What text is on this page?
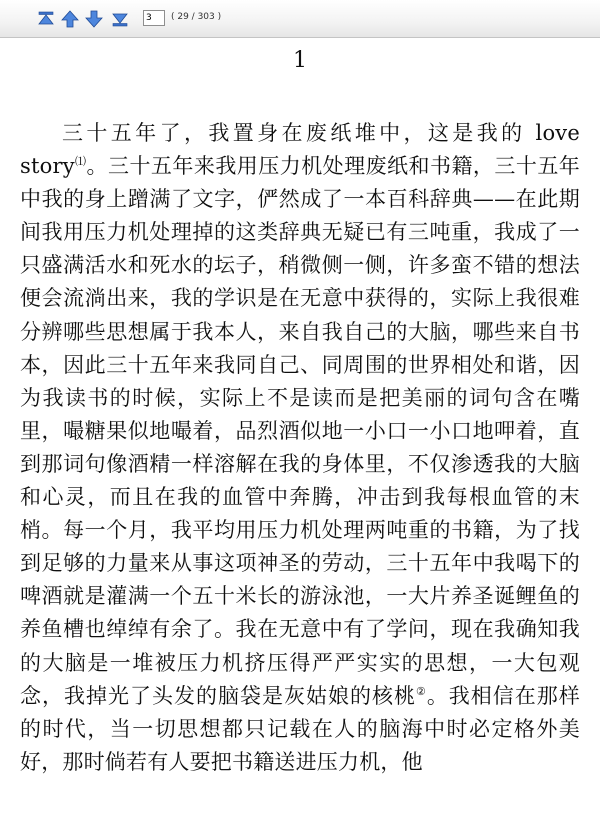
3
( 29 / 303 )
1

三十五年了，我置身在废纸堆中，这是我的 love story⑴。三十五年来我用压力机处理废纸和书籍，三十五年中我的身上蹭满了文字，俨然成了一本百科辞典——在此期间我用压力机处理掉的这类辞典无疑已有三吨重，我成了一只盛满活水和死水的坛子，稍微侧一侧，许多蛮不错的想法便会流淌出来，我的学识是在无意中获得的，实际上我很难分辨哪些思想属于我本人，来自我自己的大脑，哪些来自书本，因此三十五年来我同自己、同周围的世界相处和谐，因为我读书的时候，实际上不是读而是把美丽的词句含在嘴里，嘬糖果似地嘬着，品烈酒似地一小口一小口地呷着，直到那词句像酒精一样溶解在我的身体里，不仅渗透我的大脑和心灵，而且在我的血管中奔腾，冲击到我每根血管的末梢。每一个月，我平均用压力机处理两吨重的书籍，为了找到足够的力量来从事这项神圣的劳动，三十五年中我喝下的啤酒就是灌满一个五十米长的游泳池，一大片养圣诞鲤鱼的养鱼槽也绰绰有余了。我在无意中有了学问，现在我确知我的大脑是一堆被压力机挤压得严严实实的思想，一大包观念，我掉光了头发的脑袋是灰姑娘的核桃②。我相信在那样的时代，当一切思想都只记载在人的脑海中时必定格外美好，那时倘若有人要把书籍送进压力机，他
